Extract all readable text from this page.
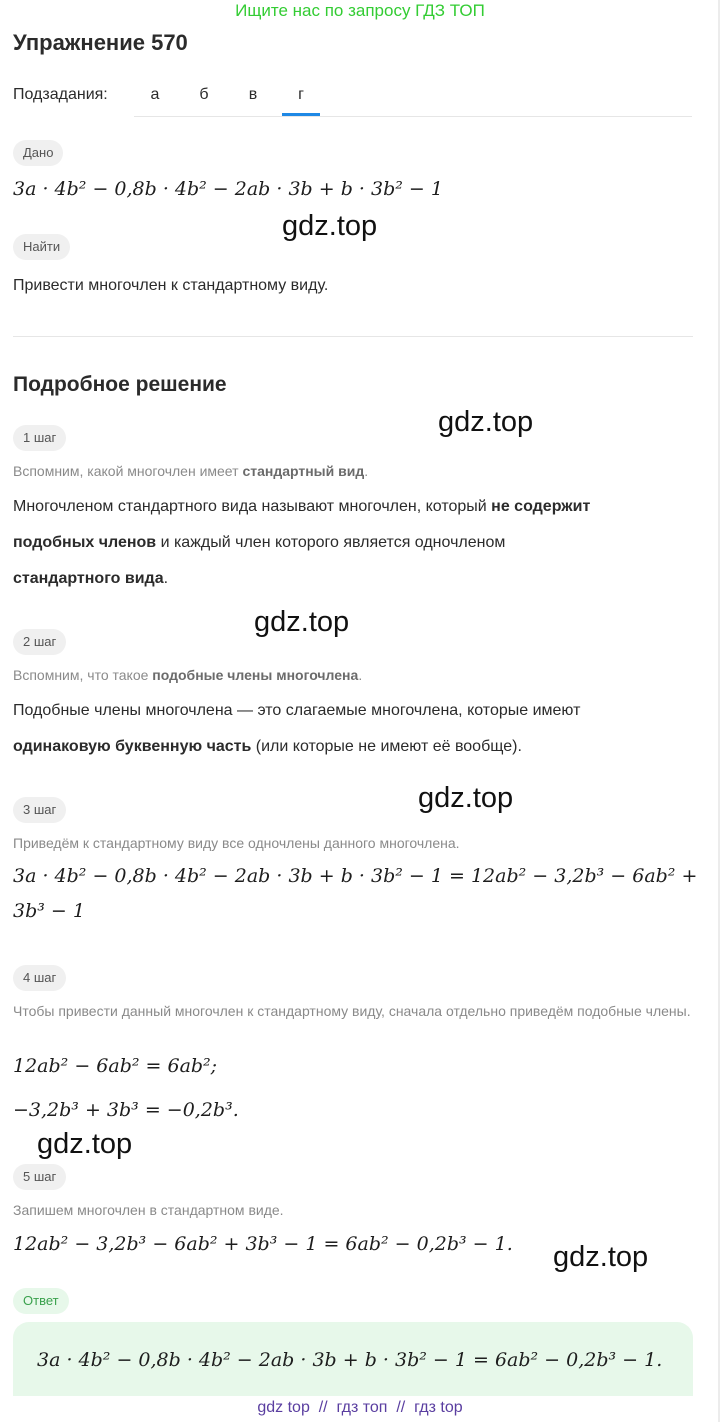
Ищите нас по запросу ГДЗ ТОП
Упражнение 570
Подзадания:	а	б	в	г
Дано
3a · 4b² − 0,8b · 4b² − 2ab · 3b + b · 3b² − 1
gdz.top
Найти
Привести многочлен к стандартному виду.
Подробное решение
gdz.top
1 шаг
Вспомним, какой многочлен имеет стандартный вид.
Многочленом стандартного вида называют многочлен, который не содержит
подобных членов и каждый член которого является одночленом
стандартного вида.
gdz.top
2 шаг
Вспомним, что такое подобные члены многочлена.
Подобные члены многочлена — это слагаемые многочлена, которые имеют
одинаковую буквенную часть (или которые не имеют её вообще).
gdz.top
3 шаг
Приведём к стандартному виду все одночлены данного многочлена.
3a · 4b² − 0,8b · 4b² − 2ab · 3b + b · 3b² − 1 = 12ab² − 3,2b³ − 6ab² +
3b³ − 1
4 шаг
Чтобы привести данный многочлен к стандартному виду, сначала отдельно приведём подобные члены.
12ab² − 6ab² = 6ab²;
−3,2b³ + 3b³ = −0,2b³.
gdz.top
5 шаг
Запишем многочлен в стандартном виде.
12ab² − 3,2b³ − 6ab² + 3b³ − 1 = 6ab² − 0,2b³ − 1. gdz.top
Ответ
3a · 4b² − 0,8b · 4b² − 2ab · 3b + b · 3b² − 1 = 6ab² − 0,2b³ − 1.
gdz top // гдз топ // гдз top
